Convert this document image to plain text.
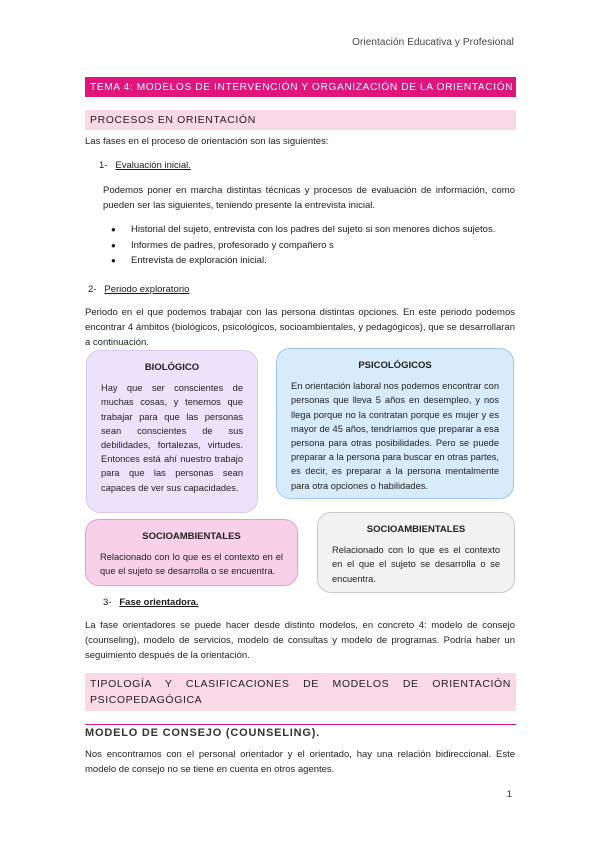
Orientación Educativa y Profesional
TEMA 4: MODELOS DE INTERVENCIÓN Y ORGANIZACIÓN DE LA ORIENTACIÓN
PROCESOS EN ORIENTACIÓN
Las fases en el proceso de orientación son las siguientes:
1- Evaluación inicial.
Podemos poner en marcha distintas técnicas y procesos de evaluación de información, como pueden ser las siguientes, teniendo presente la entrevista inicial.
● Historial del sujeto, entrevista con los padres del sujeto si son menores dichos sujetos.
● Informes de padres, profesorado y compañero s
● Entrevista de exploración inicial.
2- Periodo exploratorio
Periodo en el que podemos trabajar con las persona distintas opciones. En este periodo podemos encontrar 4 ámbitos (biológicos, psicológicos, socioambientales, y pedagógicos), que se desarrollaran a continuación.
BIOLÓGICO
Hay que ser conscientes de muchas cosas, y tenemos que trabajar para que las personas sean conscientes de sus debilidades, fortalezas, virtudes. Entonces está ahí nuestro trabajo para que las personas sean capaces de ver sus capacidades.
PSICOLÓGICOS
En orientación laboral nos podemos encontrar con personas que lleva 5 años en desempleo, y nos llega porque no la contratan porque es mujer y es mayor de 45 años, tendríamos que preparar a esa persona para otras posibilidades. Pero se puede preparar a la persona para buscar en otras partes, es decir, es preparar a la persona mentalmente para otra opciones o habilidades.
SOCIOAMBIENTALES
Relacionado con lo que es el contexto en el que el sujeto se desarrolla o se encuentra.
SOCIOAMBIENTALES
Relacionado con lo que es el contexto en el que el sujeto se desarrolla o se encuentra.
3- Fase orientadora.
La fase orientadores se puede hacer desde distinto modelos, en concreto 4: modelo de consejo (counseling), modelo de servicios, modelo de consultas y modelo de programas. Podría haber un seguimiento después de la orientación.
TIPOLOGÍA Y CLASIFICACIONES DE MODELOS DE ORIENTACIÓN PSICOPEDAGÓGICA
MODELO DE CONSEJO (COUNSELING).
Nos encontramos con el personal orientador y el orientado, hay una relación bidireccional. Este modelo de consejo no se tiene en cuenta en otros agentes.
1
